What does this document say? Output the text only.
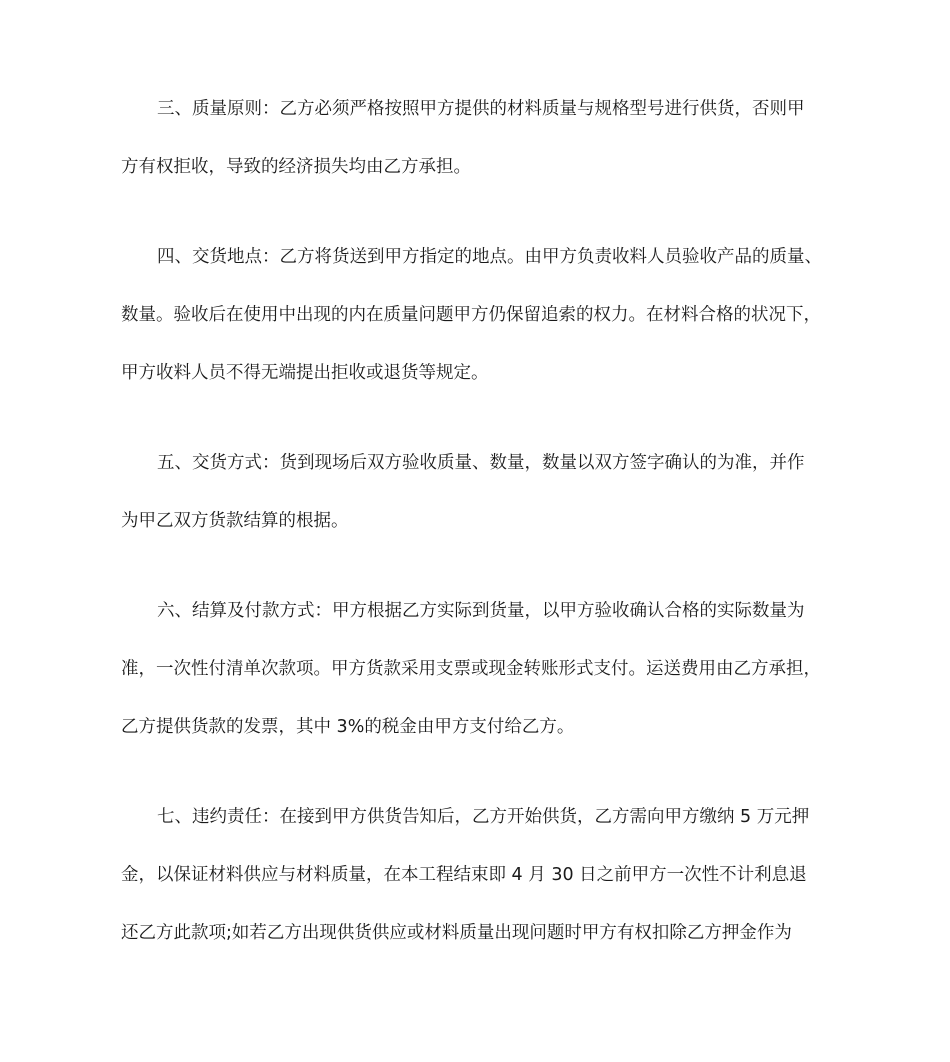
三、质量原则：乙方必须严格按照甲方提供的材料质量与规格型号进行供货，否则甲
方有权拒收，导致的经济损失均由乙方承担。
四、交货地点：乙方将货送到甲方指定的地点。由甲方负责收料人员验收产品的质量、
数量。验收后在使用中出现的内在质量问题甲方仍保留追索的权力。在材料合格的状况下，
甲方收料人员不得无端提出拒收或退货等规定。
五、交货方式：货到现场后双方验收质量、数量，数量以双方签字确认的为准，并作
为甲乙双方货款结算的根据。
六、结算及付款方式：甲方根据乙方实际到货量，以甲方验收确认合格的实际数量为
准，一次性付清单次款项。甲方货款采用支票或现金转账形式支付。运送费用由乙方承担，
乙方提供货款的发票，其中 3%的税金由甲方支付给乙方。
七、违约责任：在接到甲方供货告知后，乙方开始供货，乙方需向甲方缴纳 5 万元押
金，以保证材料供应与材料质量，在本工程结束即 4 月 30 日之前甲方一次性不计利息退
还乙方此款项;如若乙方出现供货供应或材料质量出现问题时甲方有权扣除乙方押金作为
